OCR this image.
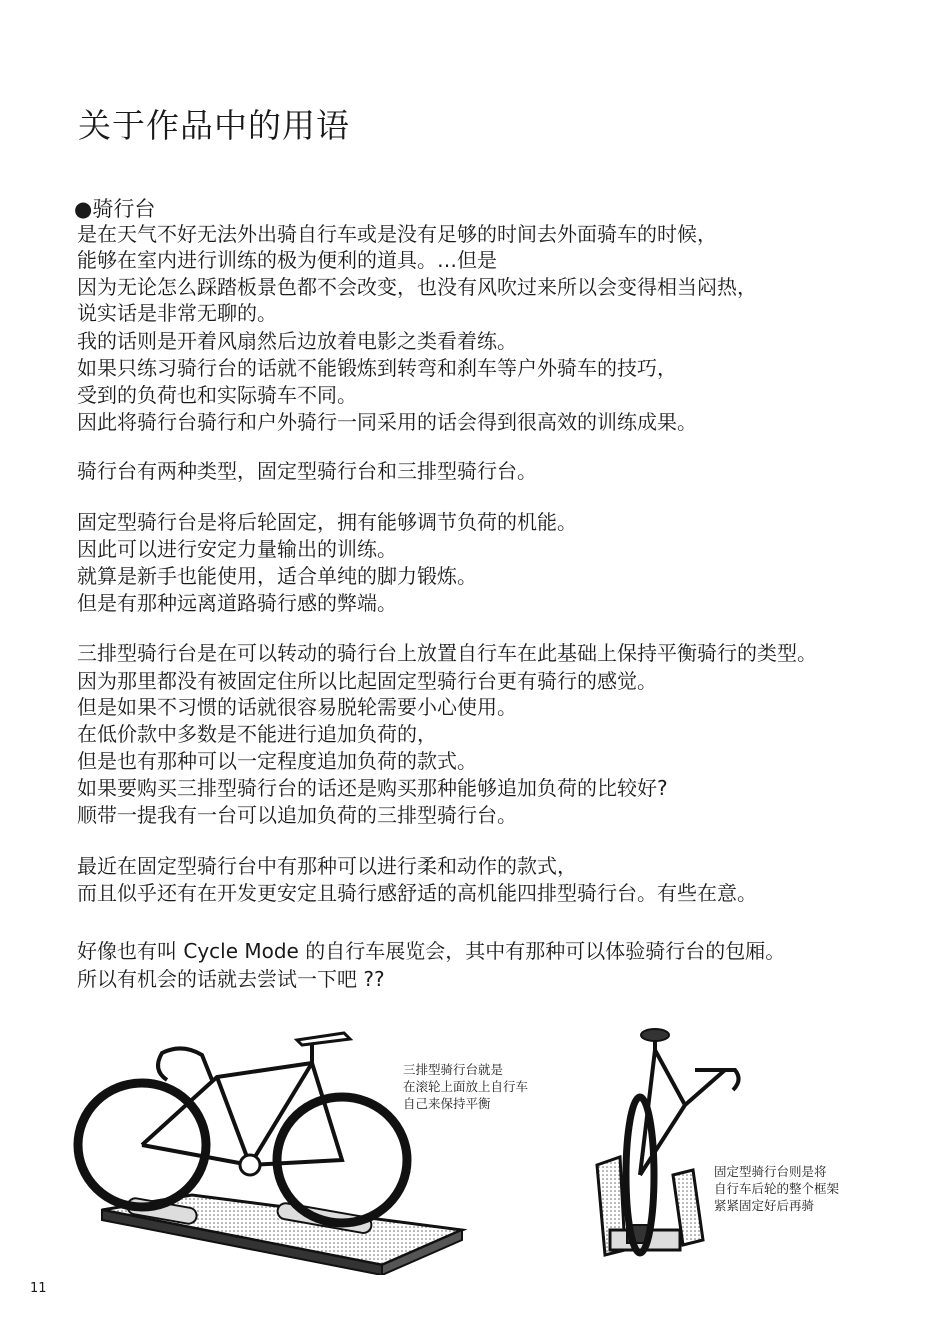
关于作品中的用语
●骑行台
是在天气不好无法外出骑自行车或是没有足够的时间去外面骑车的时候，
能够在室内进行训练的极为便利的道具。…但是
因为无论怎么踩踏板景色都不会改变，也没有风吹过来所以会变得相当闷热，
说实话是非常无聊的。
我的话则是开着风扇然后边放着电影之类看着练。
如果只练习骑行台的话就不能锻炼到转弯和刹车等户外骑车的技巧，
受到的负荷也和实际骑车不同。
因此将骑行台骑行和户外骑行一同采用的话会得到很高效的训练成果。
骑行台有两种类型，固定型骑行台和三排型骑行台。
固定型骑行台是将后轮固定，拥有能够调节负荷的机能。
因此可以进行安定力量输出的训练。
就算是新手也能使用，适合单纯的脚力锻炼。
但是有那种远离道路骑行感的弊端。
三排型骑行台是在可以转动的骑行台上放置自行车在此基础上保持平衡骑行的类型。
因为那里都没有被固定住所以比起固定型骑行台更有骑行的感觉。
但是如果不习惯的话就很容易脱轮需要小心使用。
在低价款中多数是不能进行追加负荷的，
但是也有那种可以一定程度追加负荷的款式。
如果要购买三排型骑行台的话还是购买那种能够追加负荷的比较好?
顺带一提我有一台可以追加负荷的三排型骑行台。
最近在固定型骑行台中有那种可以进行柔和动作的款式，
而且似乎还有在开发更安定且骑行感舒适的高机能四排型骑行台。有些在意。
好像也有叫 Cycle Mode 的自行车展览会，其中有那种可以体验骑行台的包厢。
所以有机会的话就去尝试一下吧 ??
三排型骑行台就是
在滚轮上面放上自行车
自己来保持平衡
固定型骑行台则是将
自行车后轮的整个框架
紧紧固定好后再骑
11
